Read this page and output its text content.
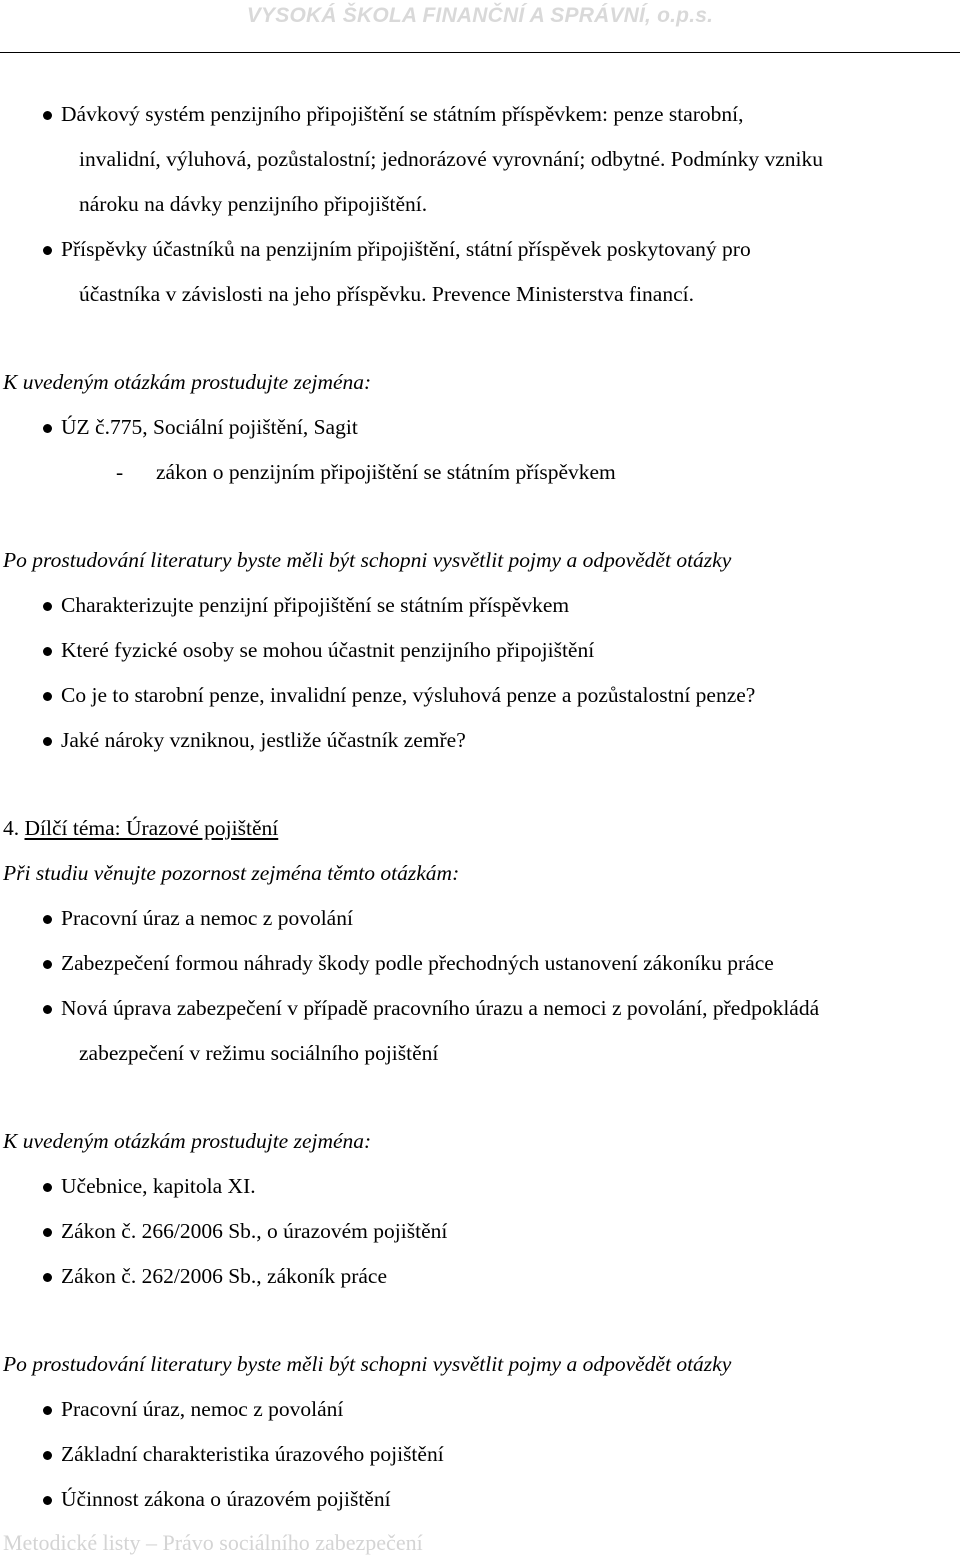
VYSOKÁ ŠKOLA FINANČNÍ A SPRÁVNÍ, o.p.s.
Dávkový systém penzijního připojištění se státním příspěvkem: penze starobní,
invalidní, výluhová, pozůstalostní; jednorázové vyrovnání; odbytné. Podmínky vzniku
nároku na dávky penzijního připojištění.
Příspěvky účastníků na penzijním připojištění, státní příspěvek poskytovaný pro
účastníka v závislosti na jeho příspěvku. Prevence Ministerstva financí.
K uvedeným otázkám prostudujte zejména:
ÚZ č.775, Sociální pojištění, Sagit
- zákon o penzijním připojištění se státním příspěvkem
Po prostudování literatury byste měli být schopni vysvětlit pojmy a odpovědět otázky
Charakterizujte penzijní připojištění se státním příspěvkem
Které fyzické osoby se mohou účastnit penzijního připojištění
Co je to starobní penze, invalidní penze, výsluhová penze a pozůstalostní penze?
Jaké nároky vzniknou, jestliže účastník zemře?
4. Dílčí téma: Úrazové pojištění
Při studiu věnujte pozornost zejména těmto otázkám:
Pracovní úraz a nemoc z povolání
Zabezpečení formou náhrady škody podle přechodných ustanovení zákoníku práce
Nová úprava zabezpečení v případě pracovního úrazu a nemoci z povolání, předpokládá
zabezpečení v režimu sociálního pojištění
K uvedeným otázkám prostudujte zejména:
Učebnice, kapitola XI.
Zákon č. 266/2006 Sb., o úrazovém pojištění
Zákon č. 262/2006 Sb., zákoník práce
Po prostudování literatury byste měli být schopni vysvětlit pojmy a odpovědět otázky
Pracovní úraz, nemoc z povolání
Základní charakteristika úrazového pojištění
Účinnost zákona o úrazovém pojištění
Metodické listy – Právo sociálního zabezpečení
